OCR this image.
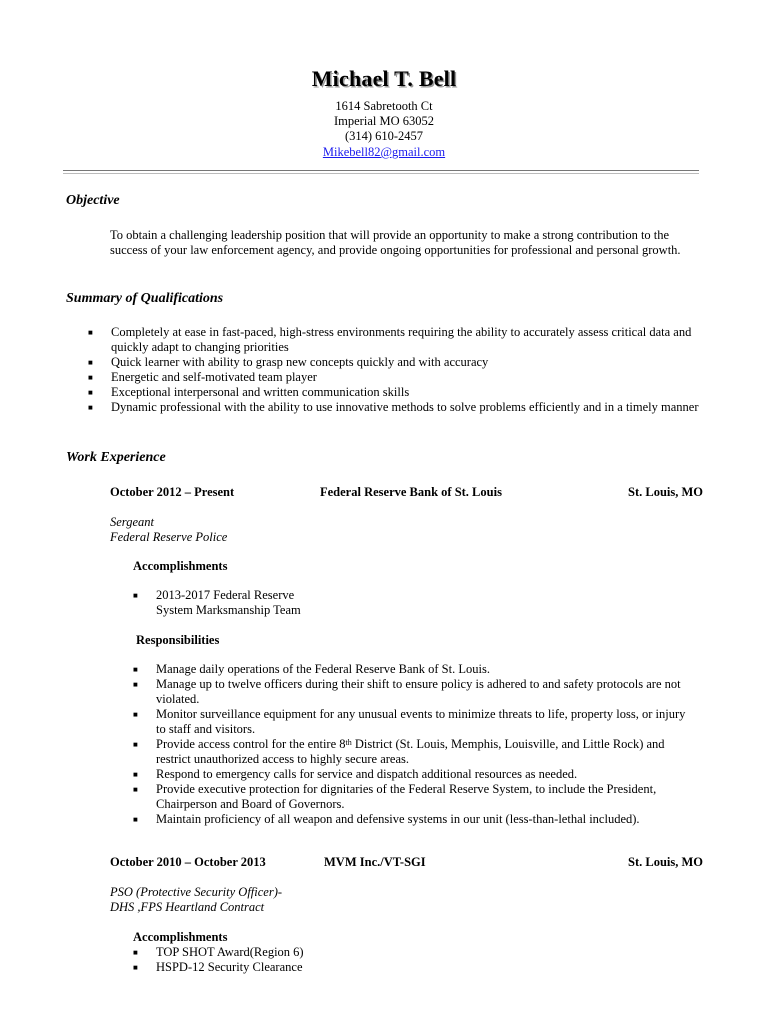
Michael T. Bell
1614 Sabretooth Ct
Imperial MO 63052
(314) 610-2457
Mikebell82@gmail.com
Objective
To obtain a challenging leadership position that will provide an opportunity to make a strong contribution to the
success of your law enforcement agency, and provide ongoing opportunities for professional and personal growth.
Summary of Qualifications
■ Completely at ease in fast-paced, high-stress environments requiring the ability to accurately assess critical data and
quickly adapt to changing priorities
■ Quick learner with ability to grasp new concepts quickly and with accuracy
■ Energetic and self-motivated team player
■ Exceptional interpersonal and written communication skills
■ Dynamic professional with the ability to use innovative methods to solve problems efficiently and in a timely manner
Work Experience
October 2012 – Present	Federal Reserve Bank of St. Louis	St. Louis, MO
Sergeant
Federal Reserve Police
Accomplishments
■ 2013-2017 Federal Reserve
System Marksmanship Team
Responsibilities
■ Manage daily operations of the Federal Reserve Bank of St. Louis.
■ Manage up to twelve officers during their shift to ensure policy is adhered to and safety protocols are not
violated.
■ Monitor surveillance equipment for any unusual events to minimize threats to life, property loss, or injury
to staff and visitors.
■ Provide access control for the entire 8th District (St. Louis, Memphis, Louisville, and Little Rock) and
restrict unauthorized access to highly secure areas.
■ Respond to emergency calls for service and dispatch additional resources as needed.
■ Provide executive protection for dignitaries of the Federal Reserve System, to include the President,
Chairperson and Board of Governors.
■ Maintain proficiency of all weapon and defensive systems in our unit (less-than-lethal included).
October 2010 – October 2013	MVM Inc./VT-SGI	St. Louis, MO
PSO (Protective Security Officer)-
DHS ,FPS Heartland Contract
Accomplishments
■ TOP SHOT Award(Region 6)
■ HSPD-12 Security Clearance
